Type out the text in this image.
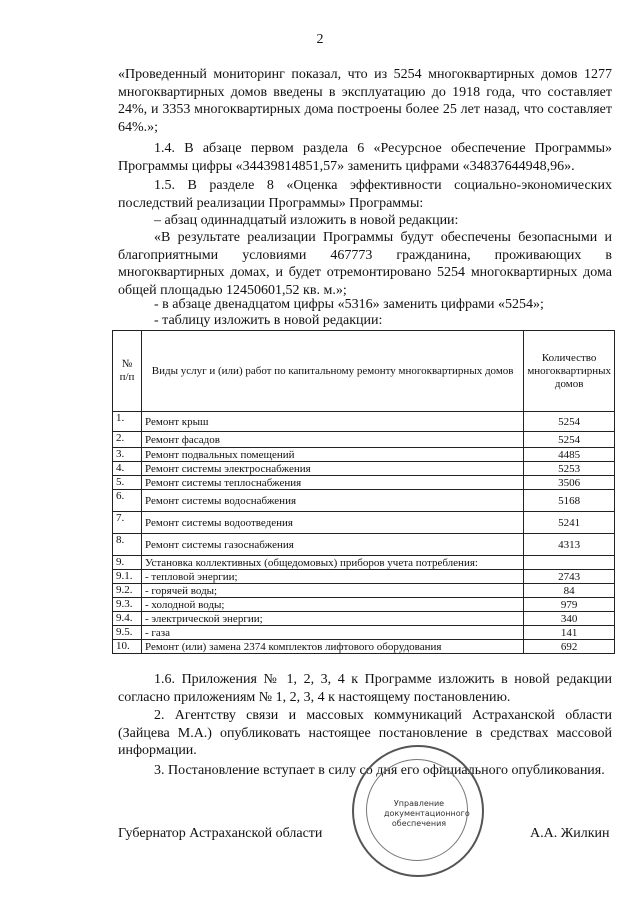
2

«Проведенный мониторинг показал, что из 5254 многоквартирных домов 1277 многоквартирных домов введены в эксплуатацию до 1918 года, что составляет 24%, и 3353 многоквартирных дома построены более 25 лет назад, что составляет 64%.»;

1.4. В абзаце первом раздела 6 «Ресурсное обеспечение Программы» Программы цифры «34439814851,57» заменить цифрами «34837644948,96».

1.5. В разделе 8 «Оценка эффективности социально-экономических последствий реализации Программы» Программы:

– абзац одиннадцатый изложить в новой редакции:

«В результате реализации Программы будут обеспечены безопасными и благоприятными условиями 467773 гражданина, проживающих в многоквартирных домах, и будет отремонтировано 5254 многоквартирных дома общей площадью 12450601,52 кв. м.»;

- в абзаце двенадцатом цифры «5316» заменить цифрами «5254»;

- таблицу изложить в новой редакции:

№ п/п	Виды услуг и (или) работ по капитальному ремонту многоквартирных домов	Количество многоквартирных домов
1.	Ремонт крыш	5254
2.	Ремонт фасадов	5254
3.	Ремонт подвальных помещений	4485
4.	Ремонт системы электроснабжения	5253
5.	Ремонт системы теплоснабжения	3506
6.	Ремонт системы водоснабжения	5168
7.	Ремонт системы водоотведения	5241
8.	Ремонт системы газоснабжения	4313
9.	Установка коллективных (общедомовых) приборов учета потребления:	
9.1.	- тепловой энергии;	2743
9.2.	- горячей воды;	84
9.3.	- холодной воды;	979
9.4.	- электрической энергии;	340
9.5.	- газа	141
10.	Ремонт (или) замена 2374 комплектов лифтового оборудования	692

1.6. Приложения № 1, 2, 3, 4 к Программе изложить в новой редакции согласно приложениям № 1, 2, 3, 4 к настоящему постановлению.

2. Агентству связи и массовых коммуникаций Астраханской области (Зайцева М.А.) опубликовать настоящее постановление в средствах массовой информации.

3. Постановление вступает в силу со дня его официального опубликования.

Управление документационного обеспечения
Губернатор Астраханской области	А.А. Жилкин
